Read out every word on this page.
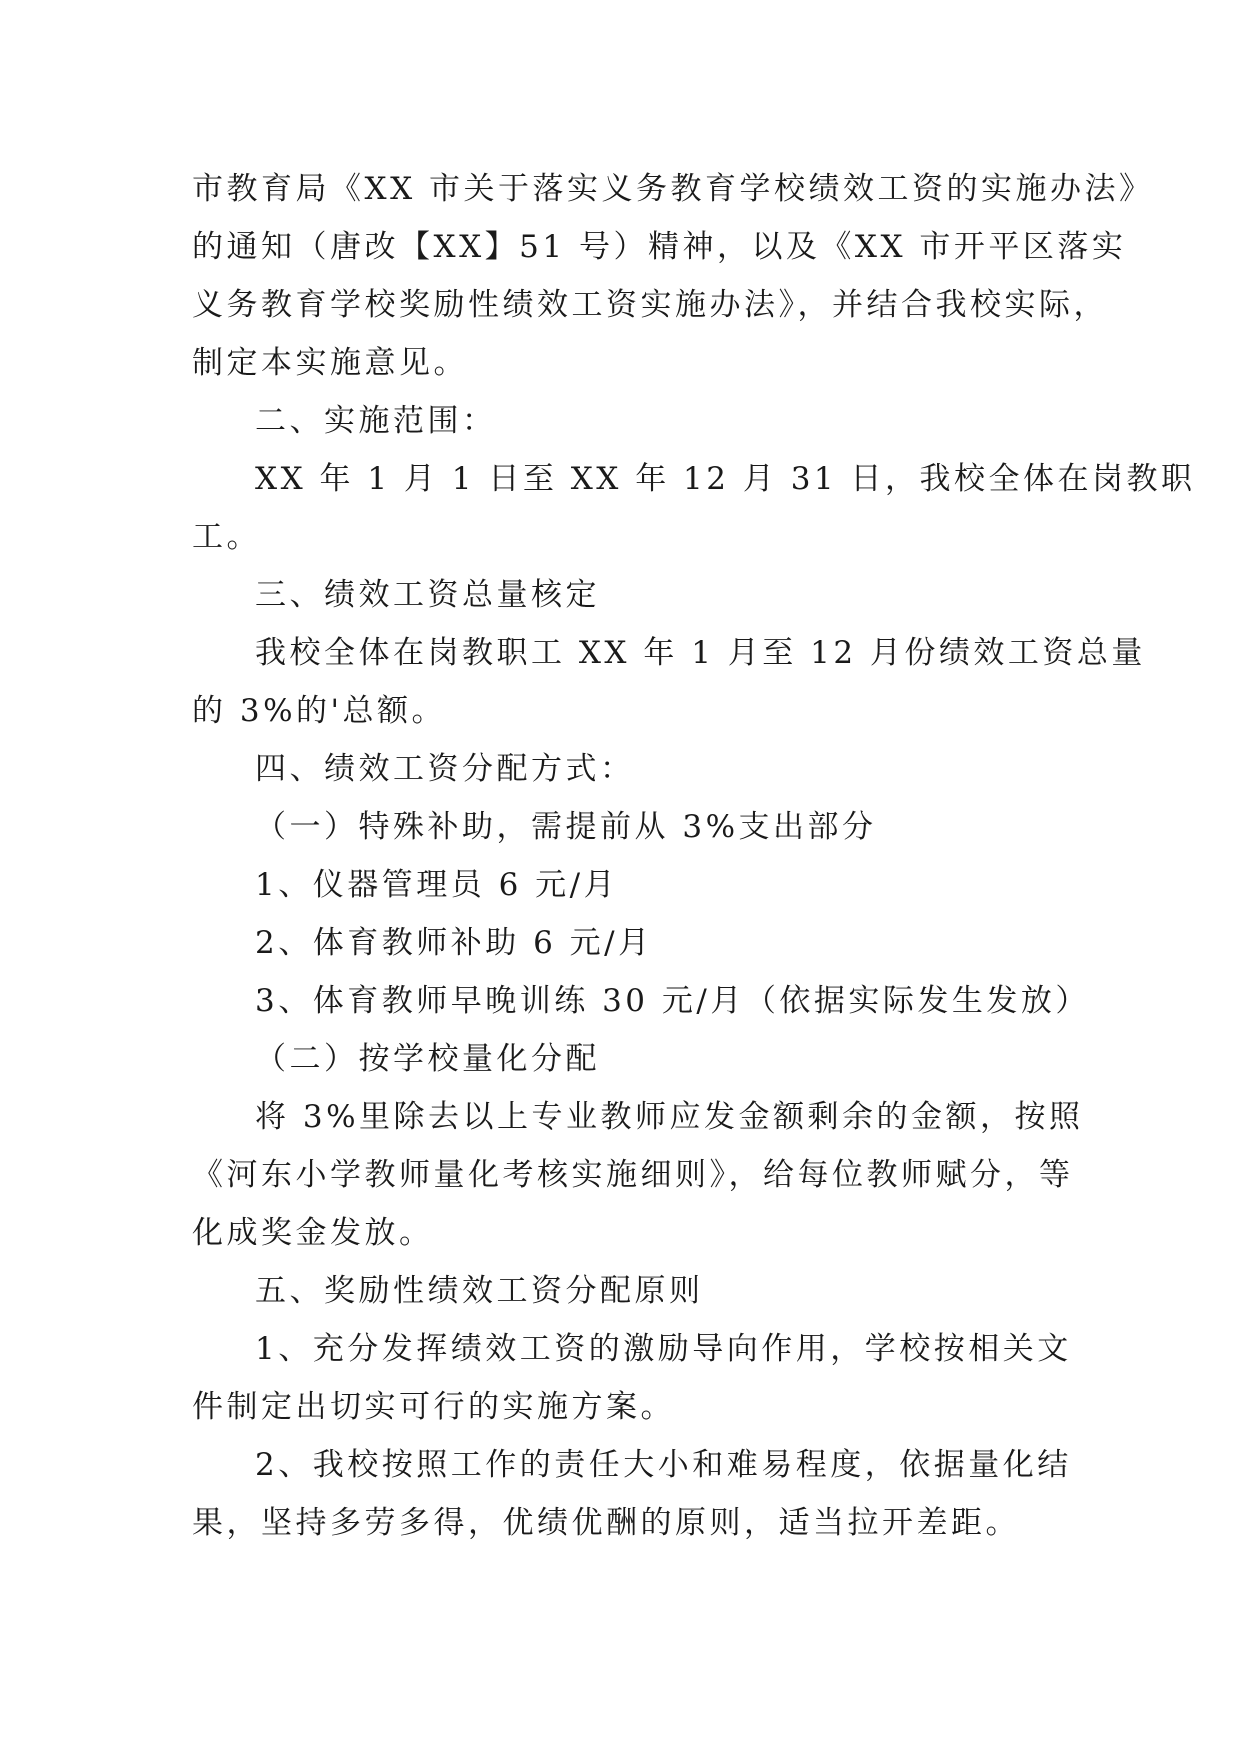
市教育局《XX 市关于落实义务教育学校绩效工资的实施办法》
的通知（唐改【XX】51 号）精神，以及《XX 市开平区落实
义务教育学校奖励性绩效工资实施办法》，并结合我校实际，
制定本实施意见。
二、实施范围：
XX 年 1 月 1 日至 XX 年 12 月 31 日，我校全体在岗教职
工。
三、绩效工资总量核定
我校全体在岗教职工 XX 年 1 月至 12 月份绩效工资总量
的 3%的'总额。
四、绩效工资分配方式：
（一）特殊补助，需提前从 3%支出部分
1、仪器管理员 6 元/月
2、体育教师补助 6 元/月
3、体育教师早晚训练 30 元/月（依据实际发生发放）
（二）按学校量化分配
将 3%里除去以上专业教师应发金额剩余的金额，按照
《河东小学教师量化考核实施细则》，给每位教师赋分，等
化成奖金发放。
五、奖励性绩效工资分配原则
1、充分发挥绩效工资的激励导向作用，学校按相关文
件制定出切实可行的实施方案。
2、我校按照工作的责任大小和难易程度，依据量化结
果，坚持多劳多得，优绩优酬的原则，适当拉开差距。
